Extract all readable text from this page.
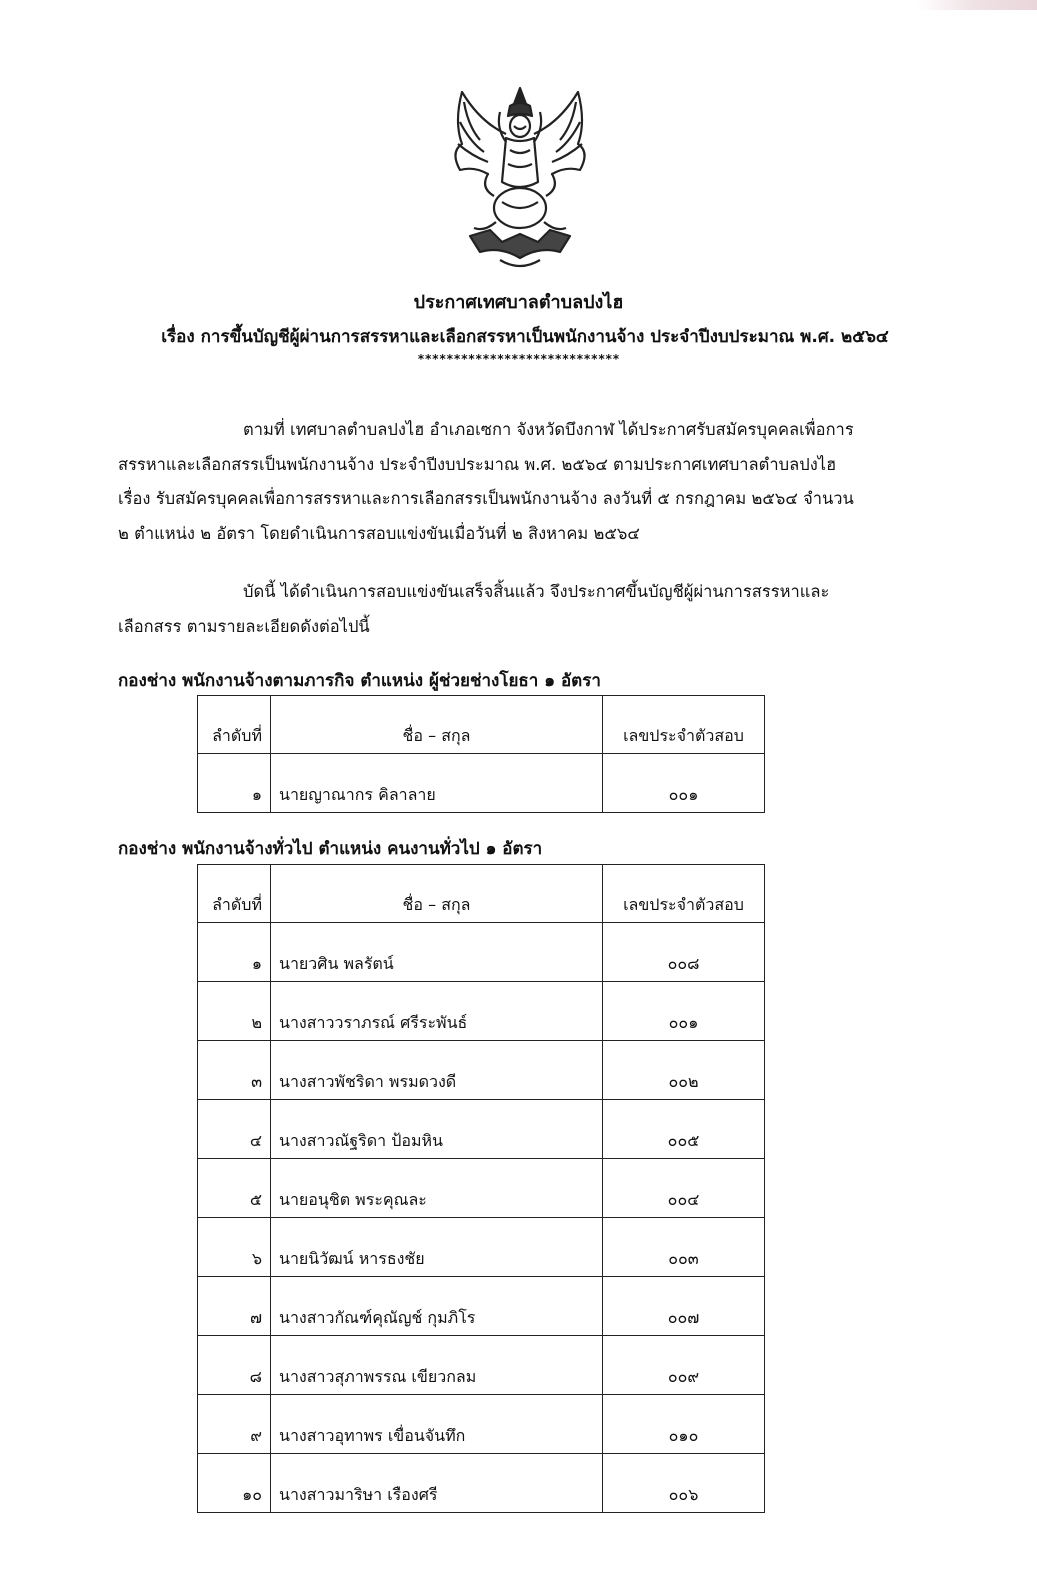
ประกาศเทศบาลตำบลปงไฮ
เรื่อง การขึ้นบัญชีผู้ผ่านการสรรหาและเลือกสรรหาเป็นพนักงานจ้าง ประจำปีงบประมาณ พ.ศ. ๒๕๖๔
****************************
ตามที่ เทศบาลตำบลปงไฮ อำเภอเซกา จังหวัดบึงกาฬ ได้ประกาศรับสมัครบุคคลเพื่อการ
สรรหาและเลือกสรรเป็นพนักงานจ้าง ประจำปีงบประมาณ พ.ศ. ๒๕๖๔ ตามประกาศเทศบาลตำบลปงไฮ
เรื่อง รับสมัครบุคคลเพื่อการสรรหาและการเลือกสรรเป็นพนักงานจ้าง ลงวันที่ ๕ กรกฎาคม ๒๕๖๔ จำนวน
๒ ตำแหน่ง ๒ อัตรา โดยดำเนินการสอบแข่งขันเมื่อวันที่ ๒ สิงหาคม ๒๕๖๔
บัดนี้ ได้ดำเนินการสอบแข่งขันเสร็จสิ้นแล้ว จึงประกาศขึ้นบัญชีผู้ผ่านการสรรหาและ
เลือกสรร ตามรายละเอียดดังต่อไปนี้
กองช่าง พนักงานจ้างตามภารกิจ ตำแหน่ง ผู้ช่วยช่างโยธา ๑ อัตรา
ลำดับที่	ชื่อ – สกุล	เลขประจำตัวสอบ
๑	นายญาณากร คิลาลาย	๐๐๑
กองช่าง พนักงานจ้างทั่วไป ตำแหน่ง คนงานทั่วไป ๑ อัตรา
ลำดับที่	ชื่อ – สกุล	เลขประจำตัวสอบ
๑	นายวศิน พลรัตน์	๐๐๘
๒	นางสาววราภรณ์ ศรีระพันธ์	๐๐๑
๓	นางสาวพัชริดา พรมดวงดี	๐๐๒
๔	นางสาวณัฐริดา ป้อมหิน	๐๐๕
๕	นายอนุชิต พระคุณละ	๐๐๔
๖	นายนิวัฒน์ หารธงชัย	๐๐๓
๗	นางสาวกัณฑ์คุณัญช์ กุมภิโร	๐๐๗
๘	นางสาวสุภาพรรณ เขียวกลม	๐๐๙
๙	นางสาวอุทาพร เขื่อนจันทึก	๐๑๐
๑๐	นางสาวมาริษา เรืองศรี	๐๐๖
